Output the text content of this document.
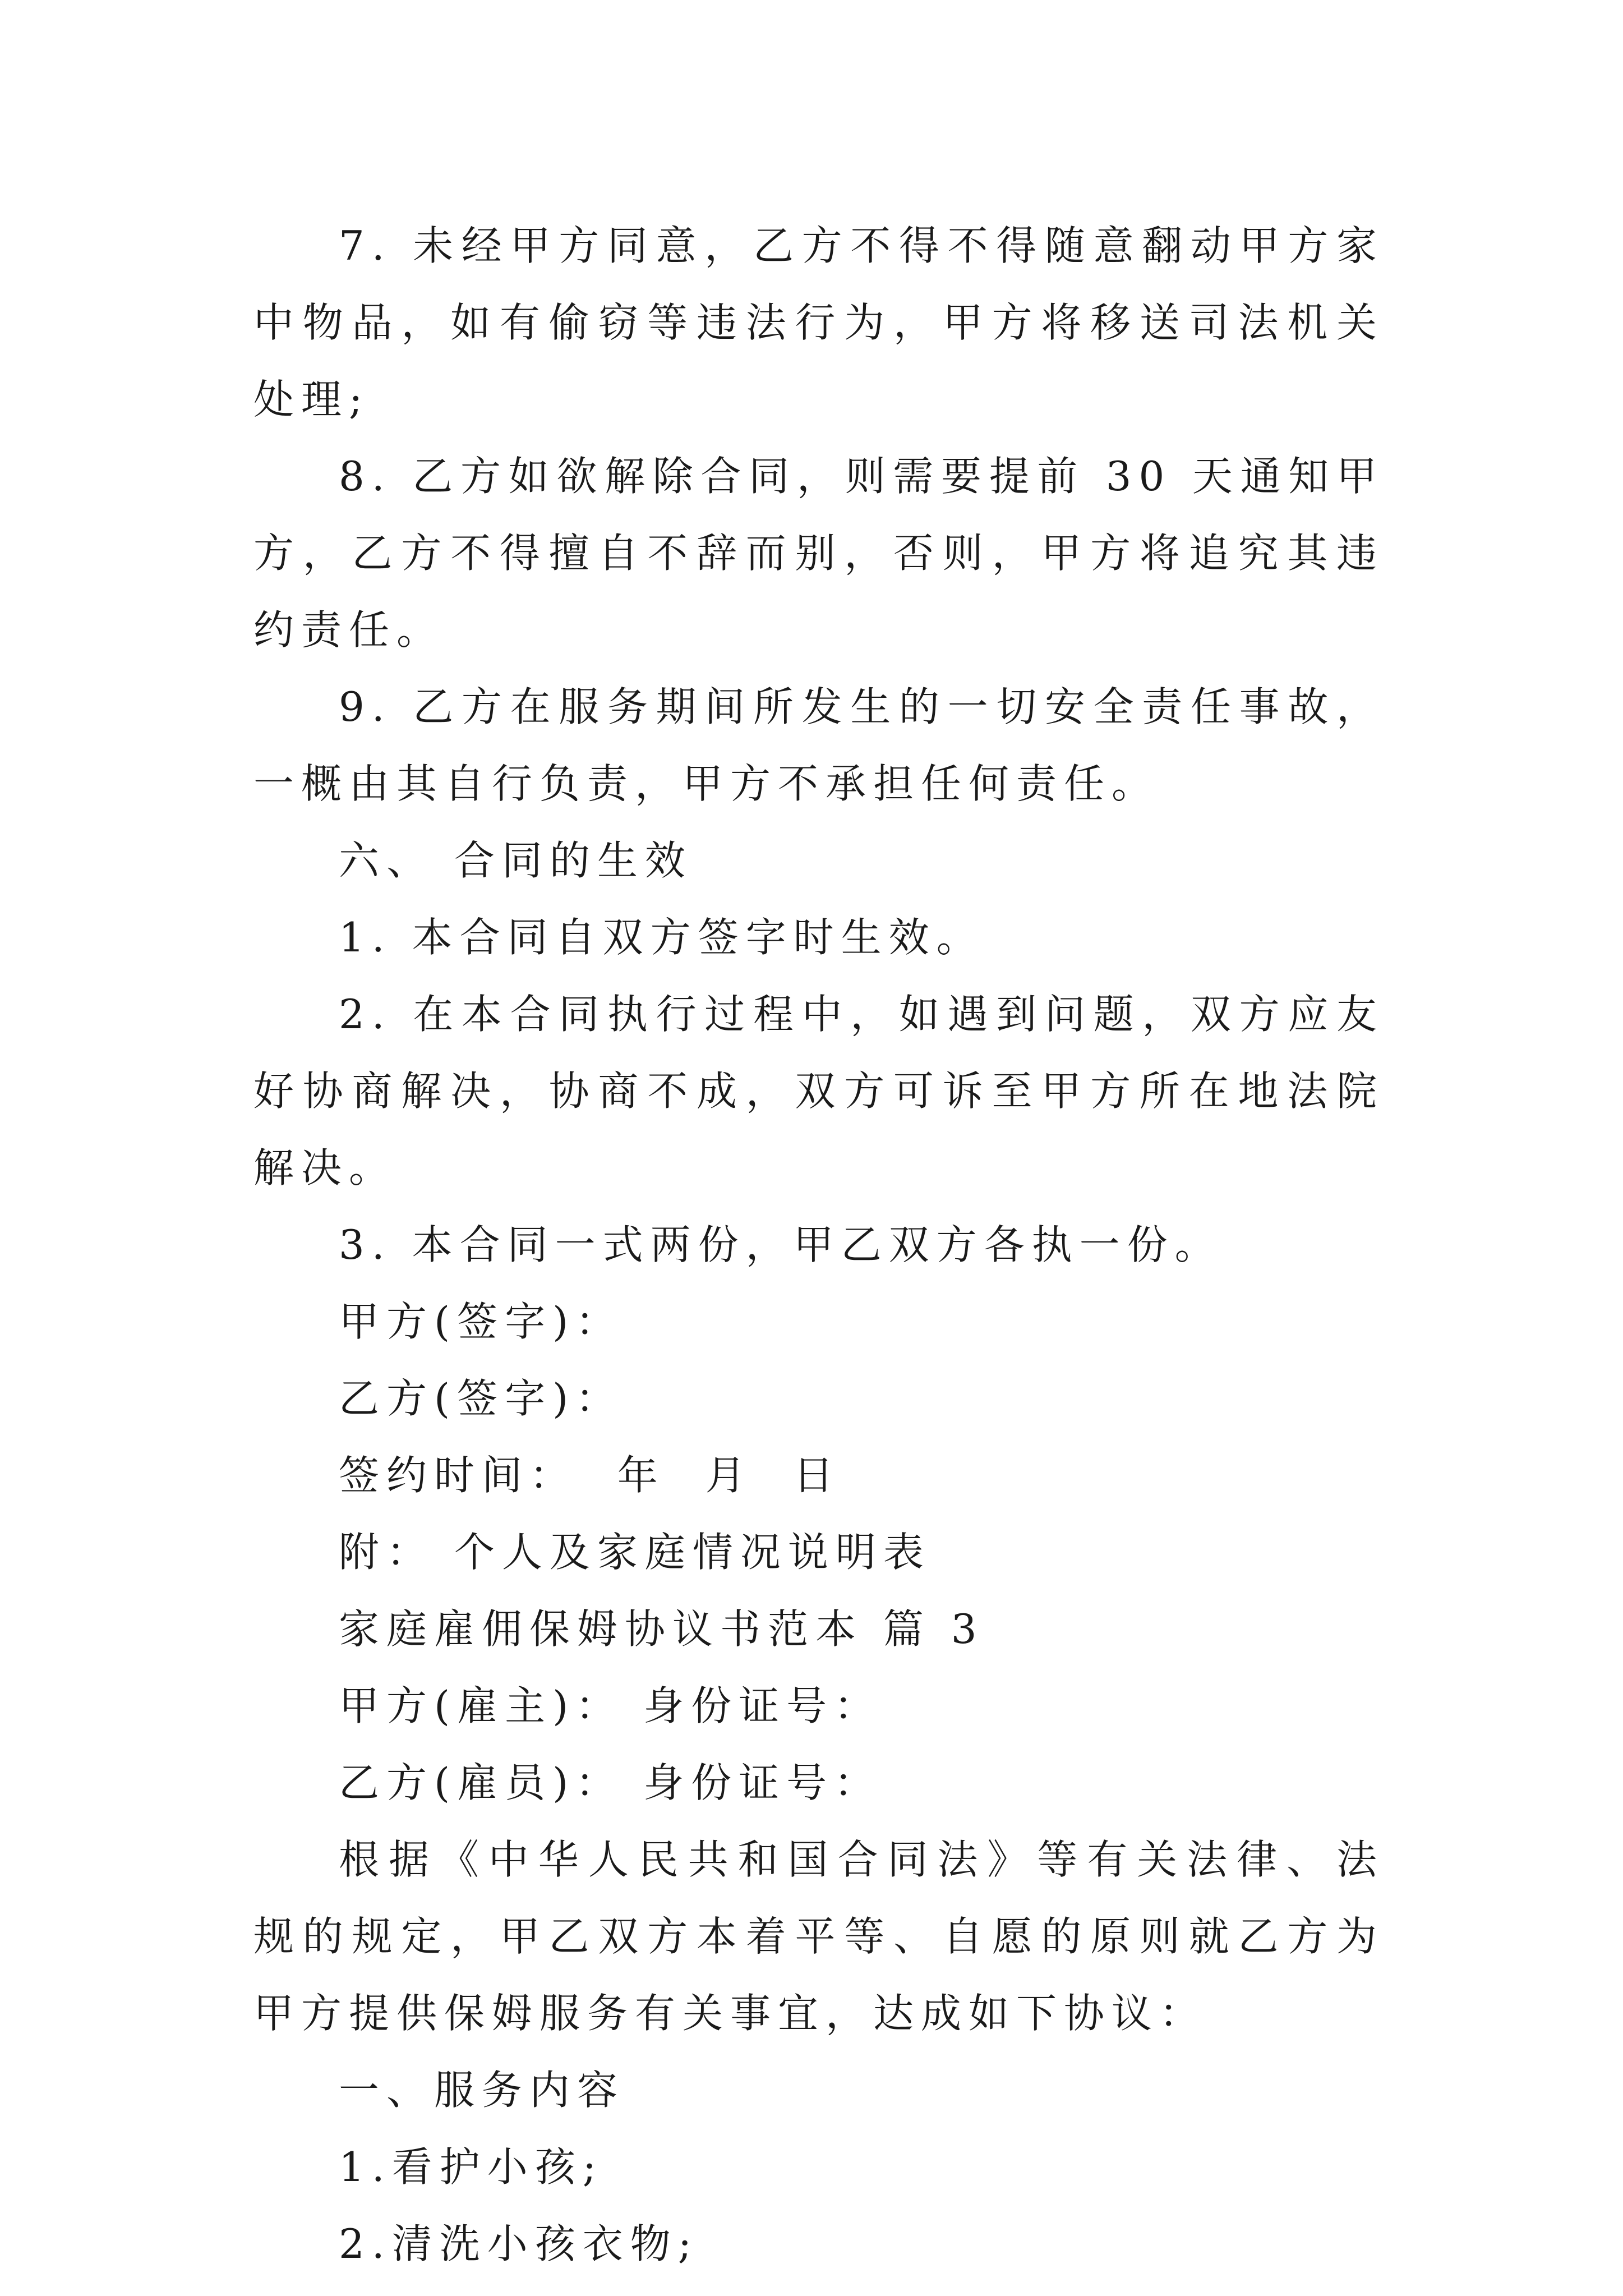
7. 未经甲方同意，乙方不得不得随意翻动甲方家中物品，如有偷窃等违法行为，甲方将移送司法机关处理;

8. 乙方如欲解除合同，则需要提前 30 天通知甲方，乙方不得擅自不辞而别，否则，甲方将追究其违约责任。

9. 乙方在服务期间所发生的一切安全责任事故，一概由其自行负责，甲方不承担任何责任。

六、 合同的生效

1. 本合同自双方签字时生效。

2. 在本合同执行过程中，如遇到问题，双方应友好协商解决，协商不成，双方可诉至甲方所在地法院解决。

3. 本合同一式两份，甲乙双方各执一份。

甲方(签字)：

乙方(签字)：

签约时间：  年  月  日

附： 个人及家庭情况说明表

家庭雇佣保姆协议书范本 篇 3

甲方(雇主)： 身份证号：

乙方(雇员)： 身份证号：

根据《中华人民共和国合同法》等有关法律、法规的规定，甲乙双方本着平等、自愿的原则就乙方为甲方提供保姆服务有关事宜，达成如下协议：

一、服务内容

1.看护小孩;

2.清洗小孩衣物;
